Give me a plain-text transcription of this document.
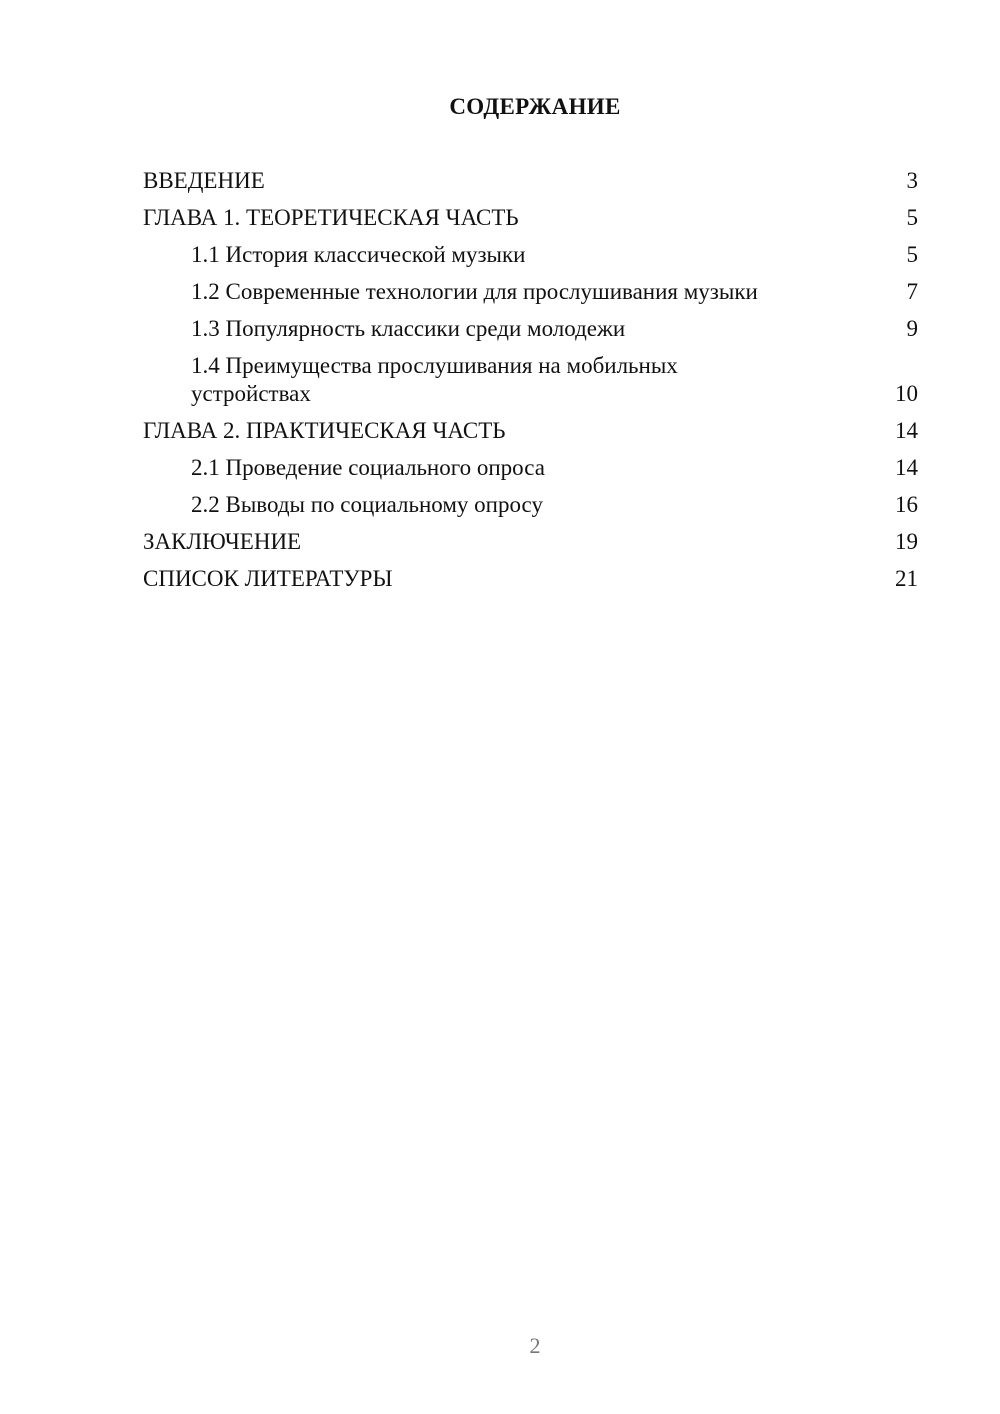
СОДЕРЖАНИЕ
ВВЕДЕНИЕ	3
ГЛАВА 1. ТЕОРЕТИЧЕСКАЯ ЧАСТЬ	5
1.1 История классической музыки	5
1.2 Современные технологии для прослушивания музыки	7
1.3 Популярность классики среди молодежи	9
1.4 Преимущества прослушивания на мобильных устройствах	10
ГЛАВА 2. ПРАКТИЧЕСКАЯ ЧАСТЬ	14
2.1 Проведение социального опроса	14
2.2 Выводы по социальному опросу	16
ЗАКЛЮЧЕНИЕ	19
СПИСОК ЛИТЕРАТУРЫ	21
2
